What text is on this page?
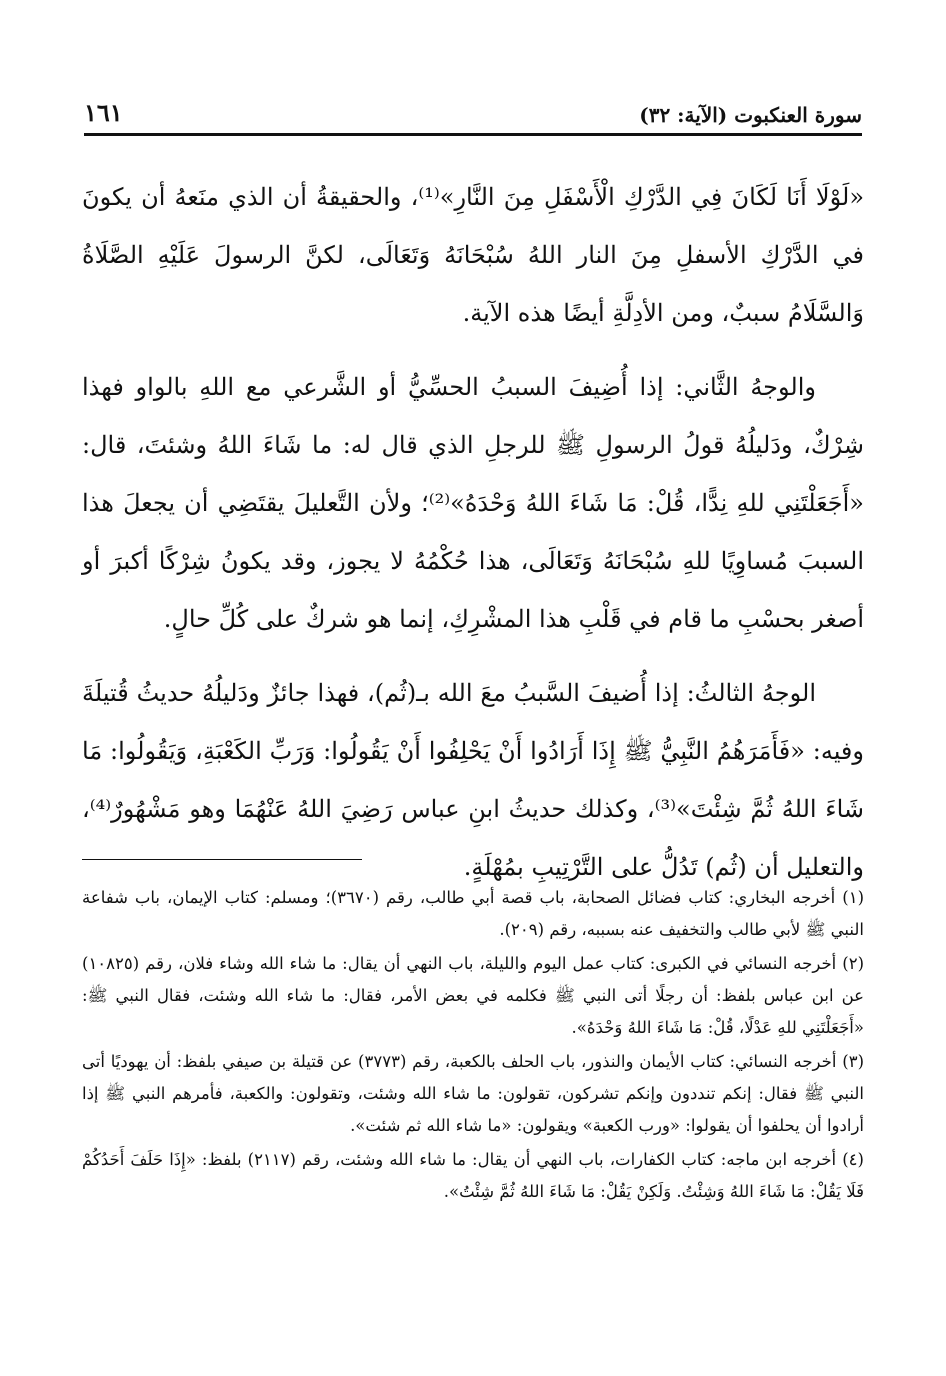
سورة العنكبوت (الآية: ٣٢)
١٦١

«لَوْلَا أَنَا لَكَانَ فِي الدَّرْكِ الْأَسْفَلِ مِنَ النَّارِ»⁽¹⁾، والحقيقةُ أن الذي منَعهُ أن يكونَ في الدَّرْكِ الأسفلِ مِنَ النار اللهُ سُبْحَانَهُ وَتَعَالَى، لكنَّ الرسولَ عَلَيْهِ الصَّلَاةُ وَالسَّلَامُ سببٌ، ومن الأدِلَّةِ أيضًا هذه الآية.

والوجهُ الثَّاني: إذا أُضِيفَ السببُ الحسِّيُّ أو الشَّرعي مع اللهِ بالواو فهذا شِرْكٌ، ودَليلُهُ قولُ الرسولِ ﷺ للرجلِ الذي قال له: ما شَاءَ اللهُ وشئتَ، قال: «أَجَعَلْتَنِي للهِ نِدًّا، قُلْ: مَا شَاءَ اللهُ وَحْدَهُ»⁽²⁾؛ ولأن التَّعليلَ يقتَضِي أن يجعلَ هذا السببَ مُساوِيًا للهِ سُبْحَانَهُ وَتَعَالَى، هذا حُكْمُهُ لا يجوز، وقد يكونُ شِرْكًا أكبرَ أو أصغر بحسْبِ ما قام في قَلْبِ هذا المشْرِكِ، إنما هو شركٌ على كُلِّ حالٍ.

الوجهُ الثالثُ: إذا أُضيفَ السَّببُ معَ الله بـ(ثُم)، فهذا جائزٌ ودَليلُهُ حديثُ قُتيلَةَ وفيه: «فَأَمَرَهُمُ النَّبِيُّ ﷺ إِذَا أَرَادُوا أَنْ يَحْلِفُوا أَنْ يَقُولُوا: وَرَبِّ الكَعْبَةِ، وَيَقُولُوا: مَا شَاءَ اللهُ ثُمَّ شِئْتَ»⁽³⁾، وكذلك حديثُ ابنِ عباس رَضِيَ اللهُ عَنْهُمَا وهو مَشْهُورٌ⁽⁴⁾، والتعليل أن (ثُم) تَدُلُّ على التَّرْتِيبِ بمُهْلَةٍ.

(١) أخرجه البخاري: كتاب فضائل الصحابة، باب قصة أبي طالب، رقم (٣٦٧٠)؛ ومسلم: كتاب الإيمان، باب شفاعة النبي ﷺ لأبي طالب والتخفيف عنه بسببه، رقم (٢٠٩).

(٢) أخرجه النسائي في الكبرى: كتاب عمل اليوم والليلة، باب النهي أن يقال: ما شاء الله وشاء فلان، رقم (١٠٨٢٥) عن ابن عباس بلفظ: أن رجلًا أتى النبي ﷺ فكلمه في بعض الأمر، فقال: ما شاء الله وشئت، فقال النبي ﷺ: «أَجَعَلْتَنِي للهِ عَدْلًا، قُلْ: مَا شَاءَ اللهُ وَحْدَهُ».

(٣) أخرجه النسائي: كتاب الأيمان والنذور، باب الحلف بالكعبة، رقم (٣٧٧٣) عن قتيلة بن صيفي بلفظ: أن يهوديًا أتى النبي ﷺ فقال: إنكم تنددون وإنكم تشركون، تقولون: ما شاء الله وشئت، وتقولون: والكعبة، فأمرهم النبي ﷺ إذا أرادوا أن يحلفوا أن يقولوا: «ورب الكعبة» ويقولون: «ما شاء الله ثم شئت».

(٤) أخرجه ابن ماجه: كتاب الكفارات، باب النهي أن يقال: ما شاء الله وشئت، رقم (٢١١٧) بلفظ: «إِذَا حَلَفَ أَحَدُكُمْ فَلَا يَقُلْ: مَا شَاءَ اللهُ وَشِئْتُ. وَلَكِنْ يَقُلْ: مَا شَاءَ اللهُ ثُمَّ شِئْتُ».
